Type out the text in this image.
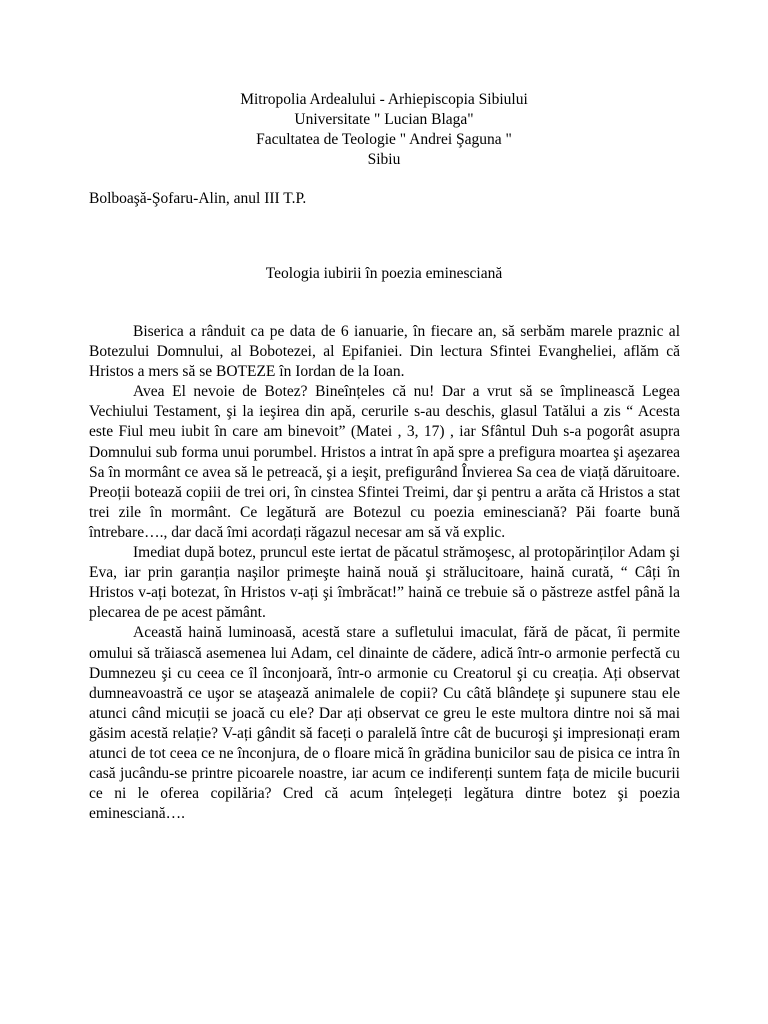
Mitropolia Ardealului - Arhiepiscopia Sibiului
Universitate " Lucian Blaga"
Facultatea de Teologie " Andrei Şaguna "
Sibiu
Bolboaşă-Şofaru-Alin, anul III T.P.
Teologia iubirii în poezia eminesciană

Biserica a rânduit ca pe data de 6 ianuarie, în fiecare an, să serbăm marele praznic al Botezului Domnului, al Bobotezei, al Epifaniei. Din lectura Sfintei Evangheliei, aflăm că Hristos a mers să se BOTEZE în Iordan de la Ioan.

Avea El nevoie de Botez? Bineînțeles că nu! Dar a vrut să se împlinească Legea Vechiului Testament, şi la ieşirea din apă, cerurile s-au deschis, glasul Tatălui a zis “ Acesta este Fiul meu iubit în care am binevoit” (Matei , 3, 17) , iar Sfântul Duh s-a pogorât asupra Domnului sub forma unui porumbel. Hristos a intrat în apă spre a prefigura moartea şi aşezarea Sa în mormânt ce avea să le petreacă, şi a ieşit, prefigurând Învierea Sa cea de viață dăruitoare. Preoții botează copiii de trei ori, în cinstea Sfintei Treimi, dar şi pentru a arăta că Hristos a stat trei zile în mormânt. Ce legătură are Botezul cu poezia eminesciană? Păi foarte bună întrebare…., dar dacă îmi acordați răgazul necesar am să vă explic.

Imediat după botez, pruncul este iertat de păcatul strămoşesc, al protopărinților Adam şi Eva, iar prin garanția naşilor primeşte haină nouă şi strălucitoare, haină curată, “ Câți în Hristos v-ați botezat, în Hristos v-ați şi îmbrăcat!” haină ce trebuie să o păstreze astfel până la plecarea de pe acest pământ.

Această haină luminoasă, acestă stare a sufletului imaculat, fără de păcat, îi permite omului să trăiască asemenea lui Adam, cel dinainte de cădere, adică într-o armonie perfectă cu Dumnezeu şi cu ceea ce îl înconjoară, într-o armonie cu Creatorul şi cu creația. Ați observat dumneavoastră ce uşor se ataşează animalele de copii? Cu câtă blândețe şi supunere stau ele atunci când micuții se joacă cu ele? Dar ați observat ce greu le este multora dintre noi să mai găsim acestă relație? V-ați gândit să faceți o paralelă între cât de bucuroşi şi impresionați eram atunci de tot ceea ce ne înconjura, de o floare mică în grădina bunicilor sau de pisica ce intra în casă jucându-se printre picoarele noastre, iar acum ce indiferenți suntem fața de micile bucurii ce ni le oferea copilăria? Cred că acum înțelegeți legătura dintre botez şi poezia eminesciană….
